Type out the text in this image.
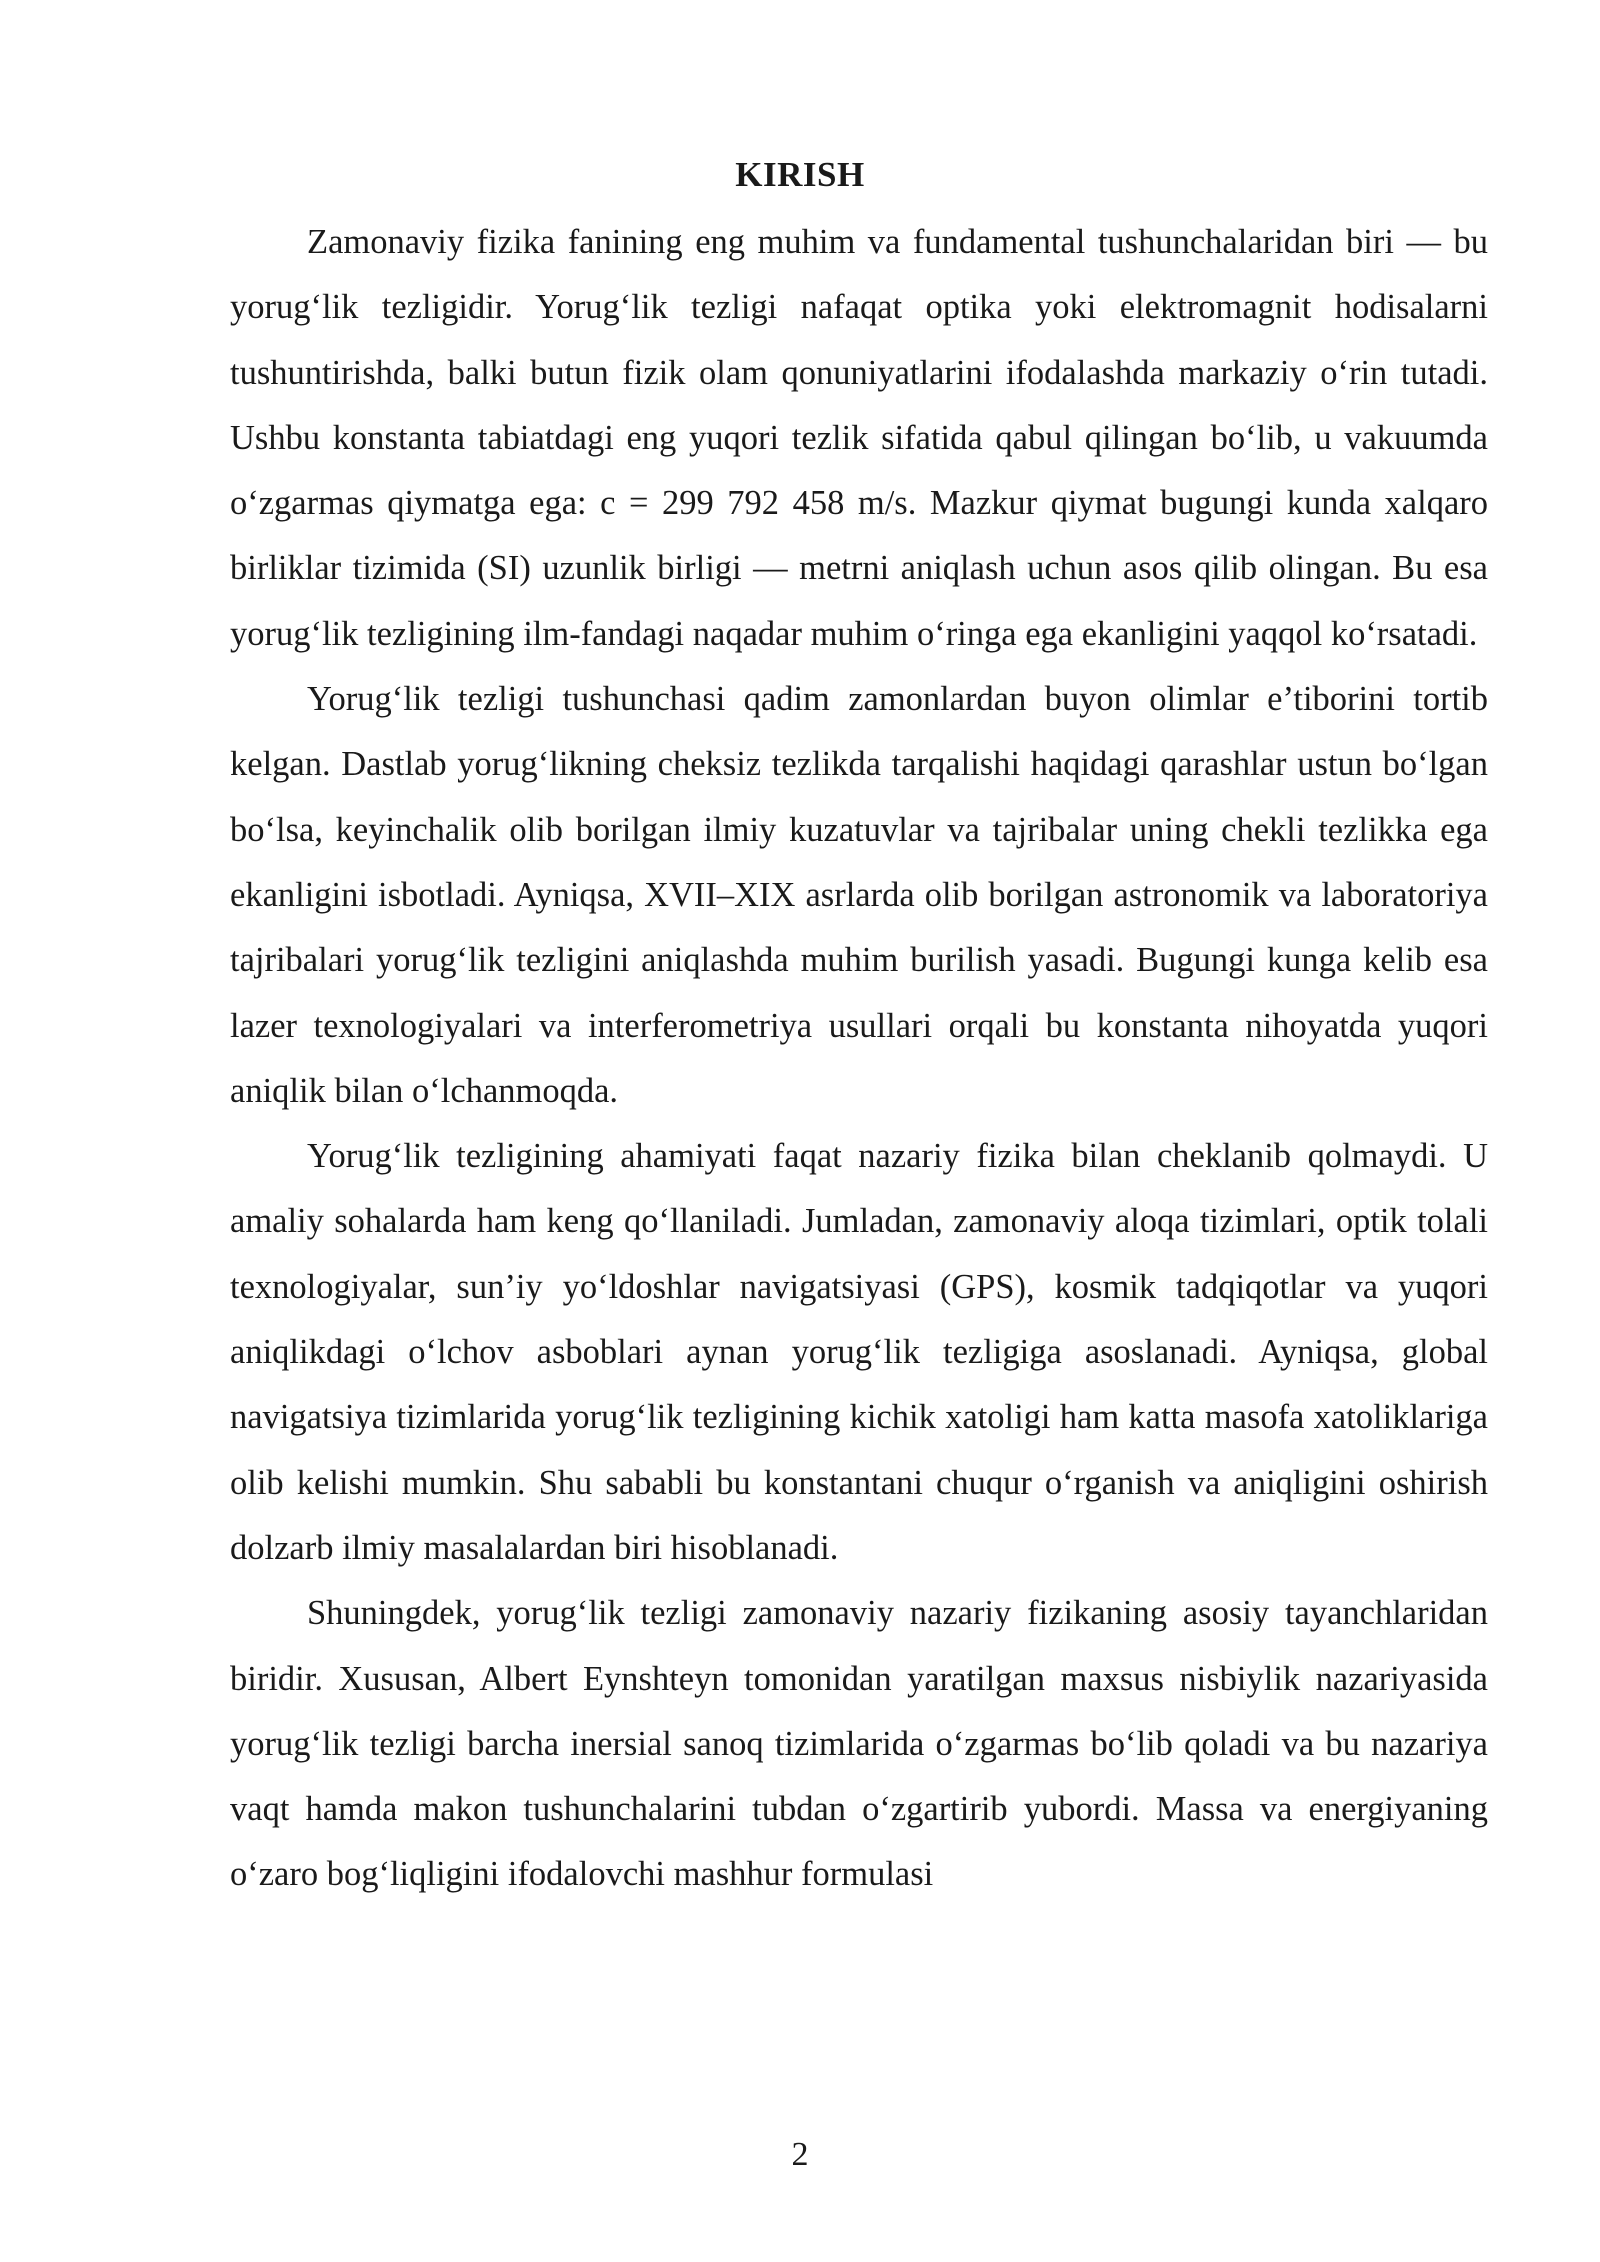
KIRISH

Zamonaviy fizika fanining eng muhim va fundamental tushunchalaridan biri — bu yorug‘lik tezligidir. Yorug‘lik tezligi nafaqat optika yoki elektromagnit hodisalarni tushuntirishda, balki butun fizik olam qonuniyatlarini ifodalashda markaziy o‘rin tutadi. Ushbu konstanta tabiatdagi eng yuqori tezlik sifatida qabul qilingan bo‘lib, u vakuumda o‘zgarmas qiymatga ega: c = 299 792 458 m/s. Mazkur qiymat bugungi kunda xalqaro birliklar tizimida (SI) uzunlik birligi — metrni aniqlash uchun asos qilib olingan. Bu esa yorug‘lik tezligining ilm-fandagi naqadar muhim o‘ringa ega ekanligini yaqqol ko‘rsatadi.

Yorug‘lik tezligi tushunchasi qadim zamonlardan buyon olimlar e’tiborini tortib kelgan. Dastlab yorug‘likning cheksiz tezlikda tarqalishi haqidagi qarashlar ustun bo‘lgan bo‘lsa, keyinchalik olib borilgan ilmiy kuzatuvlar va tajribalar uning chekli tezlikka ega ekanligini isbotladi. Ayniqsa, XVII–XIX asrlarda olib borilgan astronomik va laboratoriya tajribalari yorug‘lik tezligini aniqlashda muhim burilish yasadi. Bugungi kunga kelib esa lazer texnologiyalari va interferometriya usullari orqali bu konstanta nihoyatda yuqori aniqlik bilan o‘lchanmoqda.

Yorug‘lik tezligining ahamiyati faqat nazariy fizika bilan cheklanib qolmaydi. U amaliy sohalarda ham keng qo‘llaniladi. Jumladan, zamonaviy aloqa tizimlari, optik tolali texnologiyalar, sun’iy yo‘ldoshlar navigatsiyasi (GPS), kosmik tadqiqotlar va yuqori aniqlikdagi o‘lchov asboblari aynan yorug‘lik tezligiga asoslanadi. Ayniqsa, global navigatsiya tizimlarida yorug‘lik tezligining kichik xatoligi ham katta masofa xatoliklariga olib kelishi mumkin. Shu sababli bu konstantani chuqur o‘rganish va aniqligini oshirish dolzarb ilmiy masalalardan biri hisoblanadi.

Shuningdek, yorug‘lik tezligi zamonaviy nazariy fizikaning asosiy tayanchlaridan biridir. Xususan, Albert Eynshteyn tomonidan yaratilgan maxsus nisbiylik nazariyasida yorug‘lik tezligi barcha inersial sanoq tizimlarida o‘zgarmas bo‘lib qoladi va bu nazariya vaqt hamda makon tushunchalarini tubdan o‘zgartirib yubordi. Massa va energiyaning o‘zaro bog‘liqligini ifodalovchi mashhur formulasi

2
